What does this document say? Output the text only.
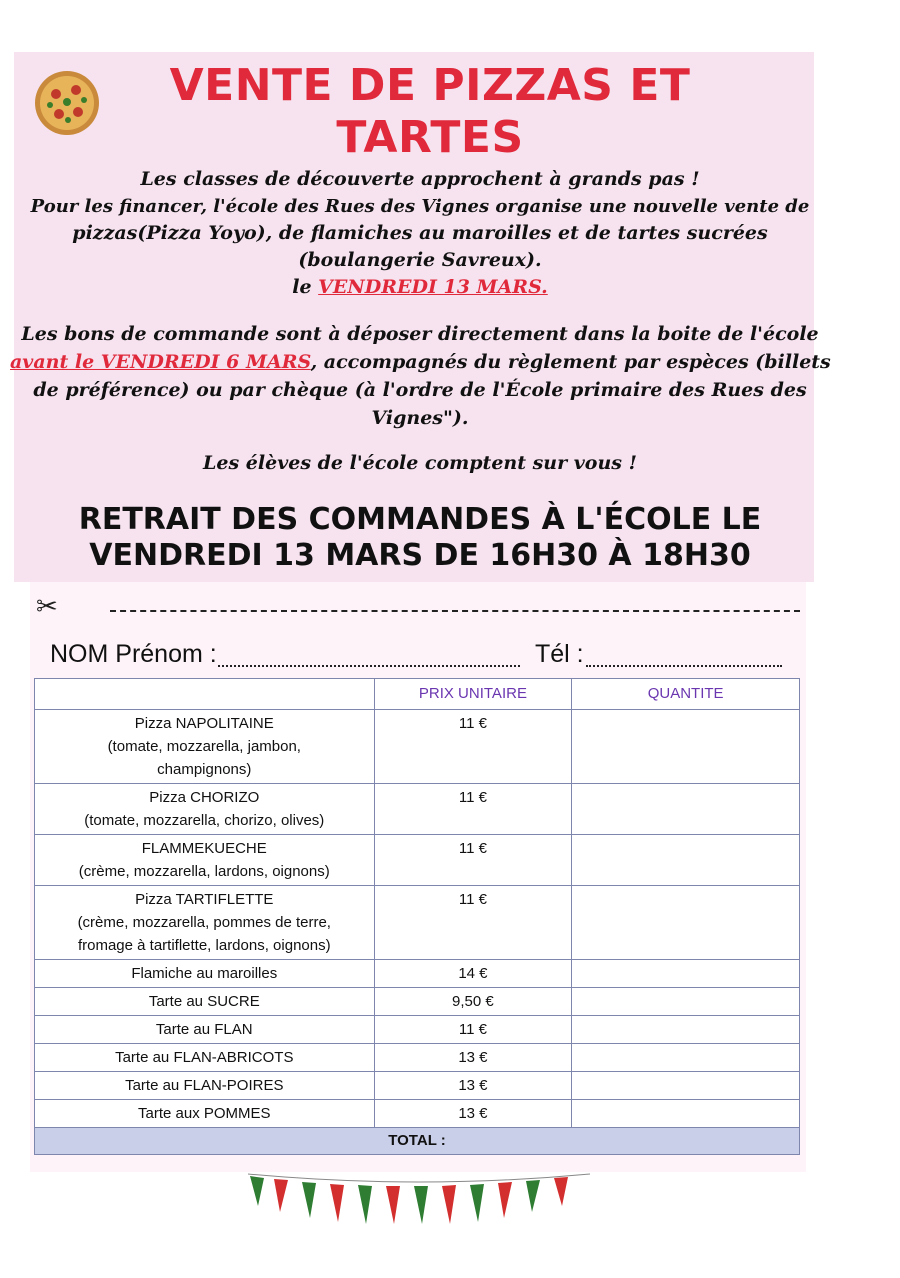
VENTE DE PIZZAS ET
TARTES
Les classes de découverte approchent à grands pas !
Pour les financer, l'école des Rues des Vignes organise une nouvelle vente de
pizzas(Pizza Yoyo), de flamiches au maroilles et de tartes sucrées
(boulangerie Savreux).
le VENDREDI 13 MARS.
Les bons de commande sont à déposer directement dans la boite de l'école
avant le VENDREDI 6 MARS, accompagnés du règlement par espèces (billets
de préférence) ou par chèque (à l'ordre de l'École primaire des Rues des
Vignes").
Les élèves de l'école comptent sur vous !
RETRAIT DES COMMANDES À L'ÉCOLE LE
VENDREDI 13 MARS DE 16H30 À 18H30
✂
NOM Prénom :	Tél :
	PRIX UNITAIRE	QUANTITE

Pizza NAPOLITAINE
(tomate, mozzarella, jambon,
champignons)	11 €	

Pizza CHORIZO
(tomate, mozzarella, chorizo, olives)	11 €	

FLAMMEKUECHE
(crème, mozzarella, lardons, oignons)	11 €	

Pizza TARTIFLETTE
(crème, mozzarella, pommes de terre,
fromage à tartiflette, lardons, oignons)	11 €	
Flamiche au maroilles	14 €	
Tarte au SUCRE	9,50 €	
Tarte au FLAN	11 €	
Tarte au FLAN-ABRICOTS	13 €	
Tarte au FLAN-POIRES	13 €	
Tarte aux POMMES	13 €	
TOTAL :		
